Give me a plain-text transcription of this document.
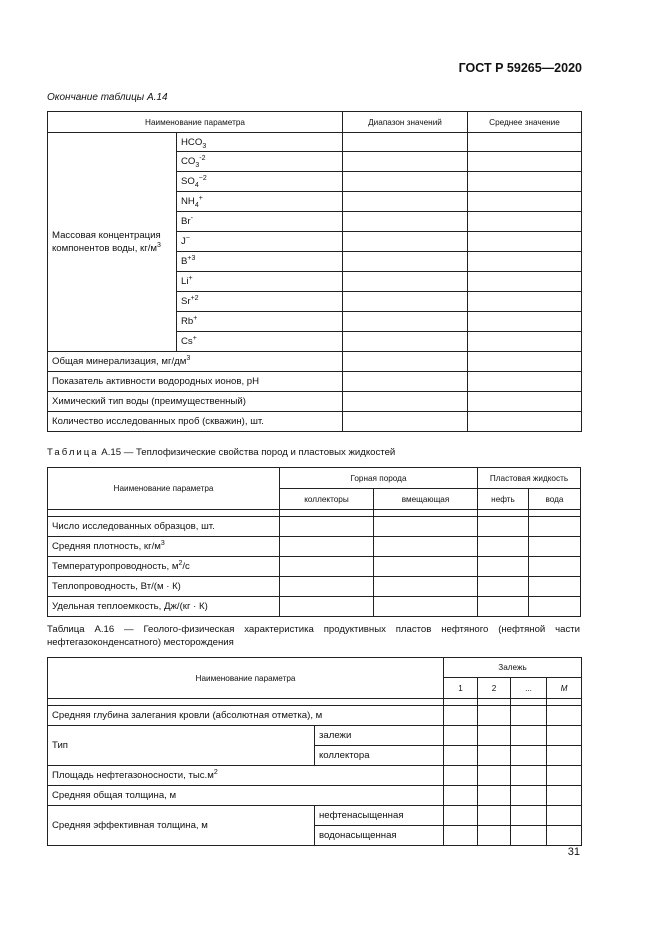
ГОСТ Р 59265—2020
Окончание таблицы А.14
Наименование параметра		Диапазон значений	Среднее значение
Массовая концентрация
компонентов воды, $кг/м^3$	$HCO_3$		
	$CO_3^{-2}$		
	$SO_4^{-2}$		
	$NH_4^+$		
	Br-		
	J−		
	$B^{+3}$		
	Li+		
	$Sr^{+2}$		
	Rb+		
	Cs+		
Общая минерализация, $мг/дм^3$		
Показатель активности водородных ионов, pH			
Химический тип воды (преимущественный)			
Количество исследованных проб (скважин), шт.			
Таблица А.15 — Теплофизические свойства пород и пластовых жидкостей
Наименование параметра	Горная порода		Пластовая жидкость	
	коллекторы	вмещающая	нефть	вода

Число исследованных образцов, шт.				
Средняя плотность, $кг/м^3$				
Температуропроводность, $м^2/с$				
Теплопроводность, Вт/(м · К)				
Удельная теплоемкость, Дж/(кг · К)				
Таблица А.16 — Геолого-физическая характеристика продуктивных пластов нефтяного (нефтяной части нефтегазоконденсатного) месторождения
Наименование параметра		Залежь			
		1	2	...	M

Средняя глубина залегания кровли (абсолютная отметка), м					
Тип	залежи				
	коллектора				
Площадь нефтегазоносности, $тыс.м^2$				
Средняя общая толщина, м					
Средняя эффективная толщина, м	нефтенасыщенная				
	водонасыщенная				
31
